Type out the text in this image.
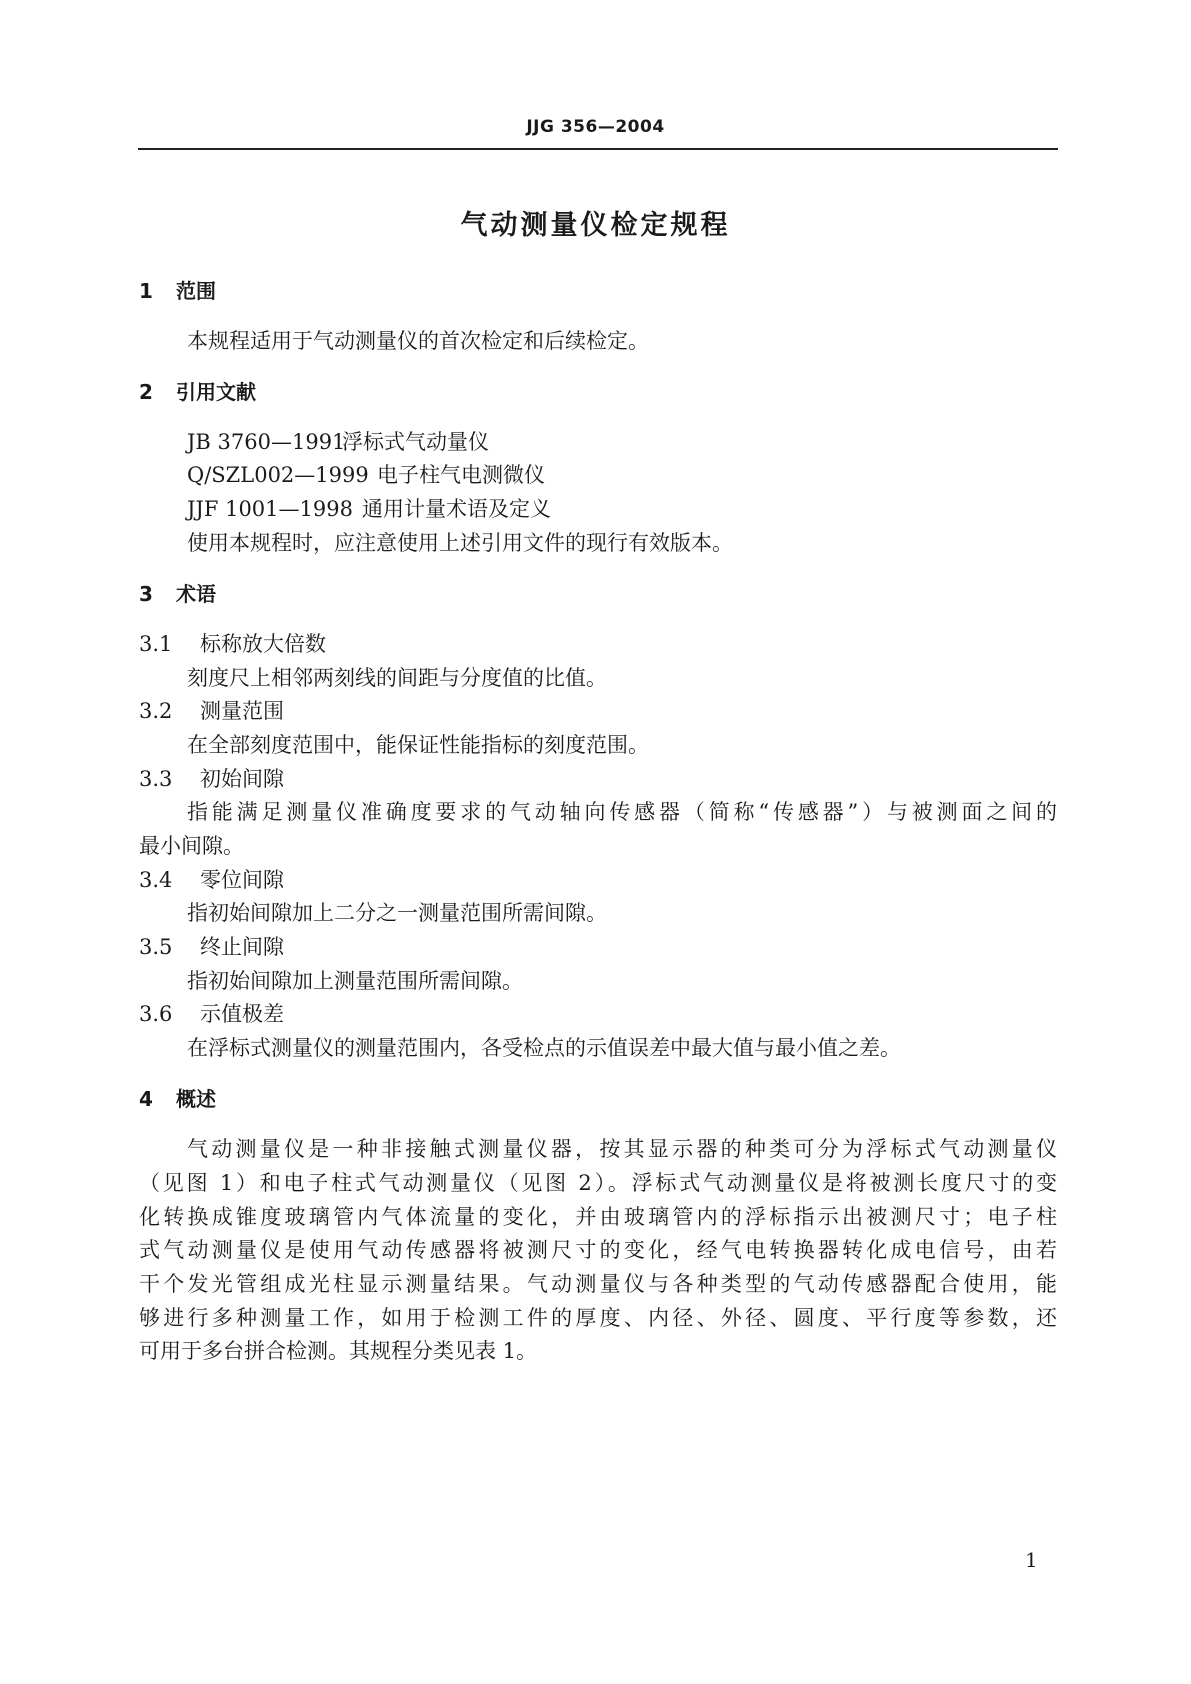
JJG 356—2004
气动测量仪检定规程
1 范围
本规程适用于气动测量仪的首次检定和后续检定。
2 引用文献
JB 3760—1991浮标式气动量仪
Q/SZL002—1999 电子柱气电测微仪
JJF 1001—1998 通用计量术语及定义
使用本规程时，应注意使用上述引用文件的现行有效版本。
3 术语
3.1 标称放大倍数
刻度尺上相邻两刻线的间距与分度值的比值。
3.2 测量范围
在全部刻度范围中，能保证性能指标的刻度范围。
3.3 初始间隙
指能满足测量仪准确度要求的气动轴向传感器（简称“传感器”）与被测面之间的
最小间隙。
3.4 零位间隙
指初始间隙加上二分之一测量范围所需间隙。
3.5 终止间隙
指初始间隙加上测量范围所需间隙。
3.6 示值极差
在浮标式测量仪的测量范围内，各受检点的示值误差中最大值与最小值之差。
4 概述
气动测量仪是一种非接触式测量仪器，按其显示器的种类可分为浮标式气动测量仪
（见图 1）和电子柱式气动测量仪（见图 2）。浮标式气动测量仪是将被测长度尺寸的变
化转换成锥度玻璃管内气体流量的变化，并由玻璃管内的浮标指示出被测尺寸；电子柱
式气动测量仪是使用气动传感器将被测尺寸的变化，经气电转换器转化成电信号，由若
干个发光管组成光柱显示测量结果。气动测量仪与各种类型的气动传感器配合使用，能
够进行多种测量工作，如用于检测工件的厚度、内径、外径、圆度、平行度等参数，还
可用于多台拼合检测。其规程分类见表 1。
1
